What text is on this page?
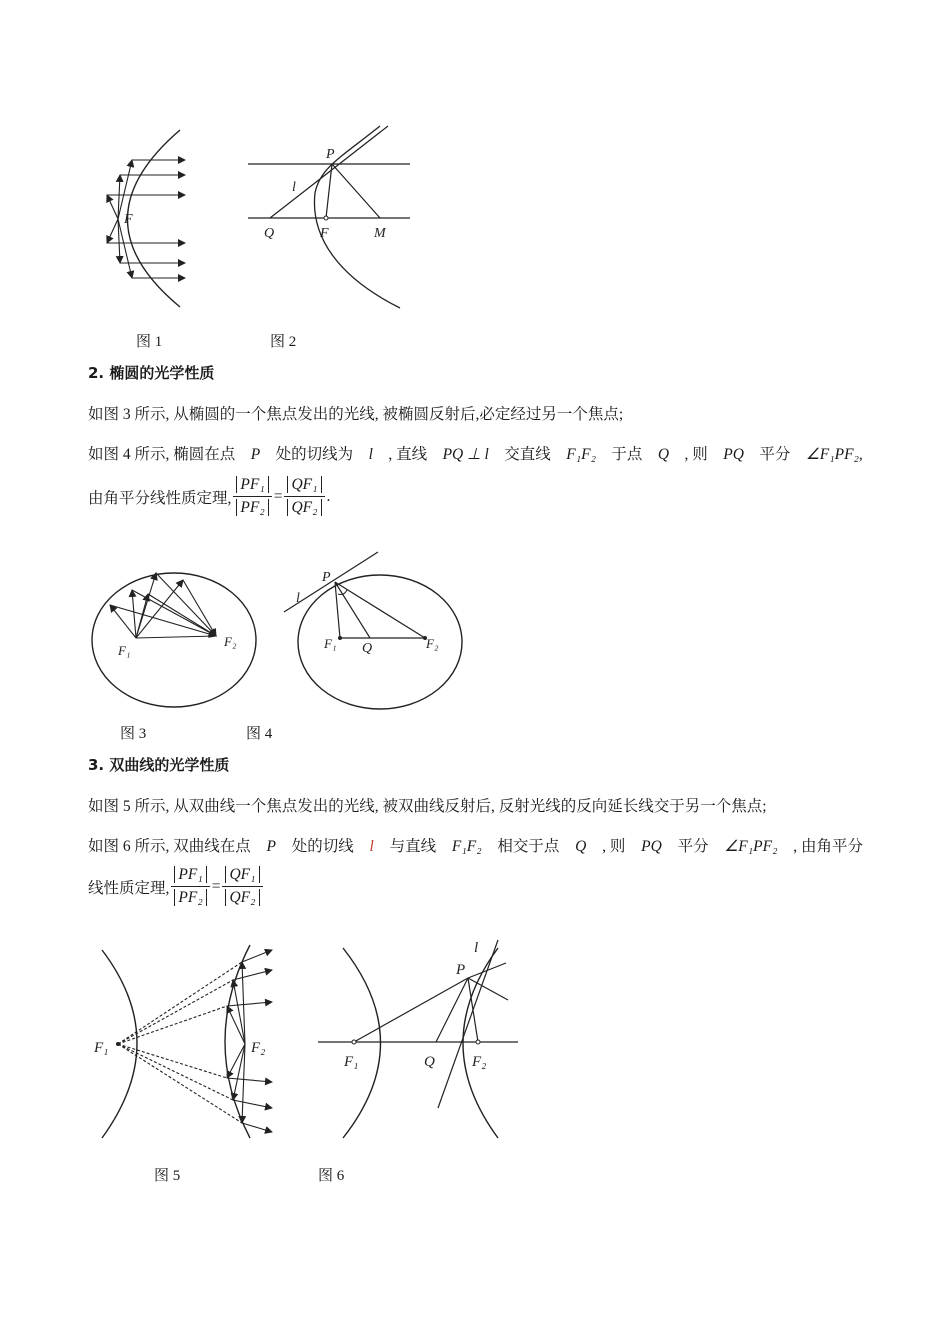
F
P
l
Q	F	M
图 1	图 2
2. 椭圆的光学性质
如图 3 所示, 从椭圆的一个焦点发出的光线, 被椭圆反射后,必定经过另一个焦点;
如图 4 所示, 椭圆在点 P 处的切线为 l , 直线 PQ ⊥ l 交直线 F₁F₂ 于点 Q , 则 PQ 平分 ∠F₁PF₂,
由角平分线性质定理, $\frac{\text{PF₁}}{\text{PF₂}} = \frac{\text{QF₁}}{\text{QF₂}}$ .
F₁
F₂
P
l
F₁ Q	F₂
图 3	图 4
3. 双曲线的光学性质
如图 5 所示, 从双曲线一个焦点发出的光线, 被双曲线反射后, 反射光线的反向延长线交于另一个焦点;
如图 6 所示, 双曲线在点 P 处的切线 l 与直线 F₁F₂ 相交于点 Q , 则 PQ 平分 ∠F₁PF₂ , 由角平分
线性质定理, $\frac{\text{PF₁}}{\text{PF₂}} = \frac{\text{QF₁}}{\text{QF₂}}$
F₁	F₂
l
P
F₁	Q F₂
图 5	图 6
